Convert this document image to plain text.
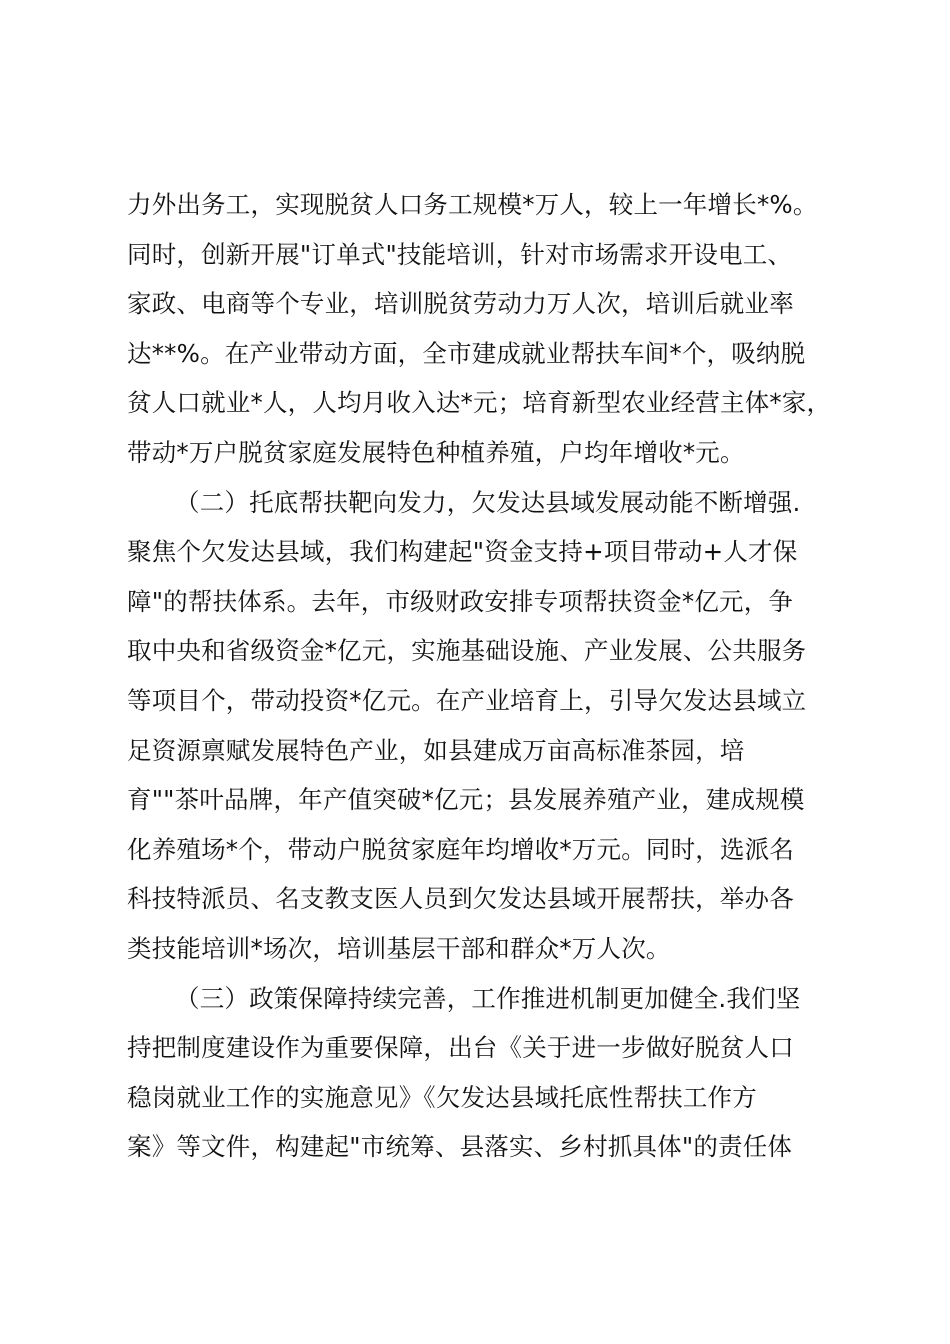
力外出务工，实现脱贫人口务工规模*万人，较上一年增长*%。
同时，创新开展"订单式"技能培训，针对市场需求开设电工、
家政、电商等个专业，培训脱贫劳动力万人次，培训后就业率
达**%。在产业带动方面，全市建成就业帮扶车间*个，吸纳脱
贫人口就业*人，人均月收入达*元；培育新型农业经营主体*家，
带动*万户脱贫家庭发展特色种植养殖，户均年增收*元。
（二）托底帮扶靶向发力，欠发达县域发展动能不断增强.
聚焦个欠发达县域，我们构建起"资金支持+项目带动+人才保
障"的帮扶体系。去年，市级财政安排专项帮扶资金*亿元，争
取中央和省级资金*亿元，实施基础设施、产业发展、公共服务
等项目个，带动投资*亿元。在产业培育上，引导欠发达县域立
足资源禀赋发展特色产业，如县建成万亩高标准茶园，培
育""茶叶品牌，年产值突破*亿元；县发展养殖产业，建成规模
化养殖场*个，带动户脱贫家庭年均增收*万元。同时，选派名
科技特派员、名支教支医人员到欠发达县域开展帮扶，举办各
类技能培训*场次，培训基层干部和群众*万人次。
（三）政策保障持续完善，工作推进机制更加健全.我们坚
持把制度建设作为重要保障，出台《关于进一步做好脱贫人口
稳岗就业工作的实施意见》《欠发达县域托底性帮扶工作方
案》等文件，构建起"市统筹、县落实、乡村抓具体"的责任体
